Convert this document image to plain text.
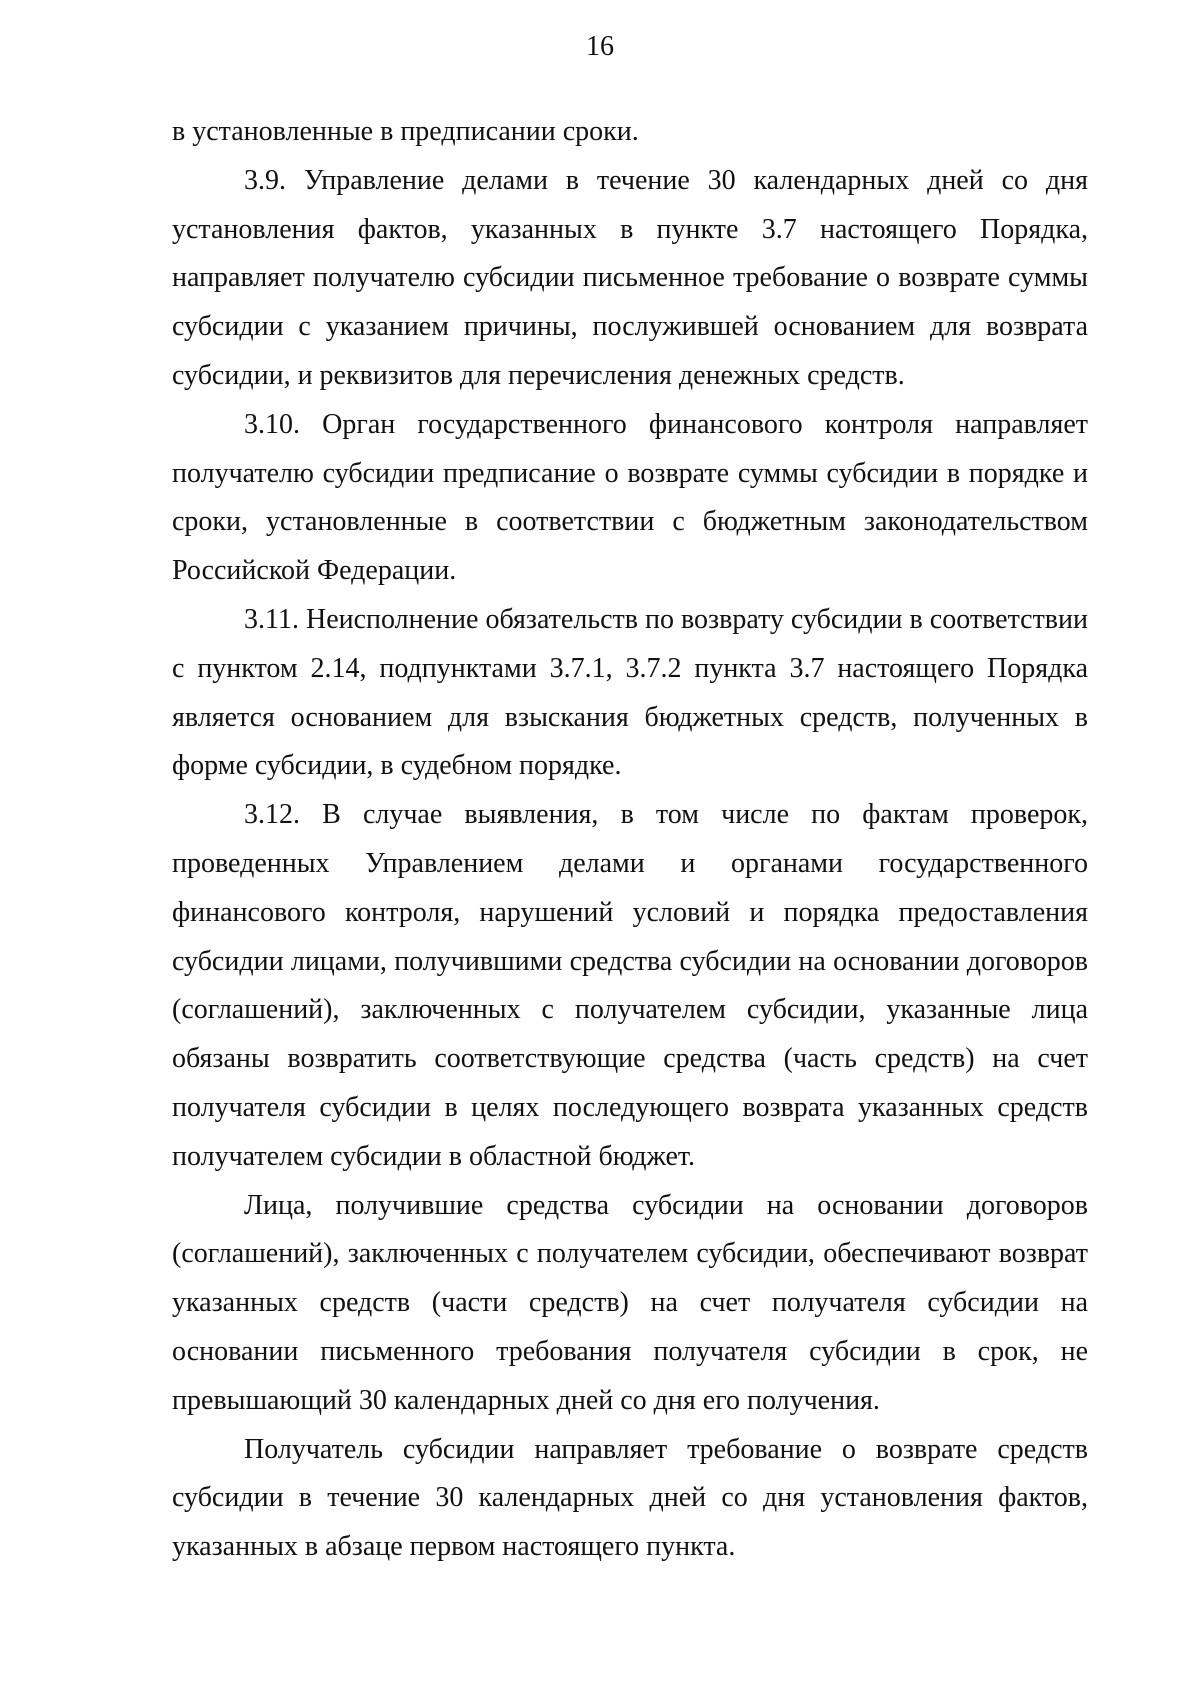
16

в установленные в предписании сроки.

3.9. Управление делами в течение 30 календарных дней со дня установления фактов, указанных в пункте 3.7 настоящего Порядка, направляет получателю субсидии письменное требование о возврате суммы субсидии с указанием причины, послужившей основанием для возврата субсидии, и реквизитов для перечисления денежных средств.

3.10. Орган государственного финансового контроля направляет получателю субсидии предписание о возврате суммы субсидии в порядке и сроки, установленные в соответствии с бюджетным законодательством Российской Федерации.

3.11. Неисполнение обязательств по возврату субсидии в соответствии с пунктом 2.14, подпунктами 3.7.1, 3.7.2 пункта 3.7 настоящего Порядка является основанием для взыскания бюджетных средств, полученных в форме субсидии, в судебном порядке.

3.12. В случае выявления, в том числе по фактам проверок, проведенных Управлением делами и органами государственного финансового контроля, нарушений условий и порядка предоставления субсидии лицами, получившими средства субсидии на основании договоров (соглашений), заключенных с получателем субсидии, указанные лица обязаны возвратить соответствующие средства (часть средств) на счет получателя субсидии в целях последующего возврата указанных средств получателем субсидии в областной бюджет.

Лица, получившие средства субсидии на основании договоров (соглашений), заключенных с получателем субсидии, обеспечивают возврат указанных средств (части средств) на счет получателя субсидии на основании письменного требования получателя субсидии в срок, не превышающий 30 календарных дней со дня его получения.

Получатель субсидии направляет требование о возврате средств субсидии в течение 30 календарных дней со дня установления фактов, указанных в абзаце первом настоящего пункта.
